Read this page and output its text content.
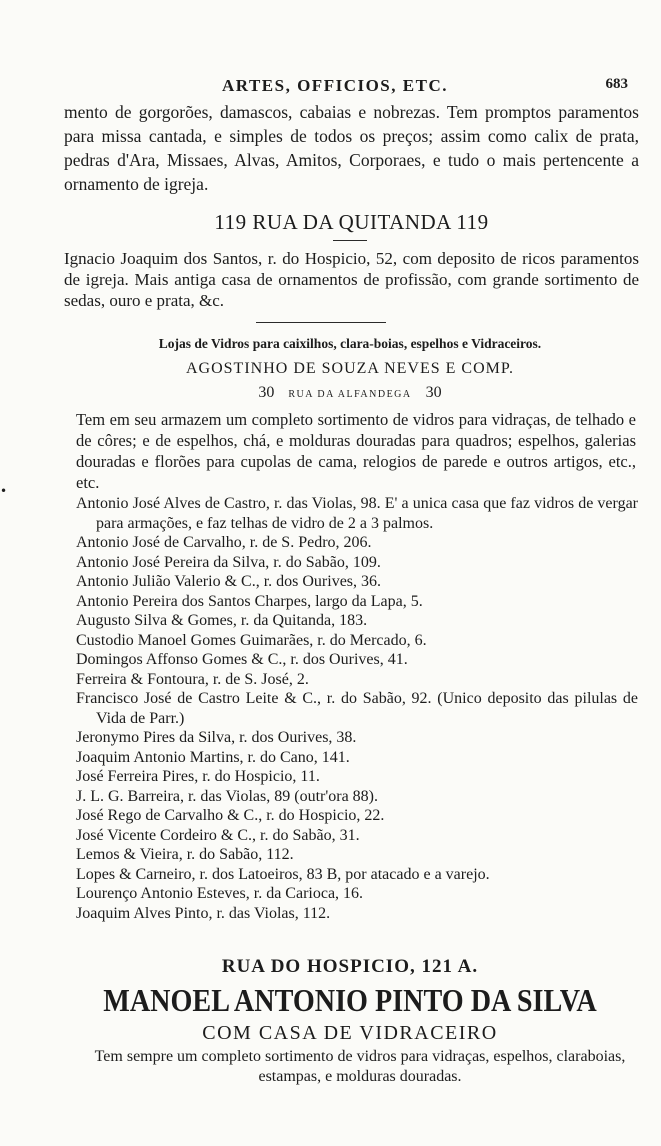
ARTES, OFFICIOS, ETC.	683
mento de gorgorões, damascos, cabaias e nobrezas. Tem promptos paramentos para missa cantada, e simples de todos os preços; assim como calix de prata, pedras d'Ara, Missaes, Alvas, Amitos, Corporaes, e tudo o mais pertencente a ornamento de igreja.
119 RUA DA QUITANDA 119
Ignacio Joaquim dos Santos, r. do Hospicio, 52, com deposito de ricos paramentos de igreja. Mais antiga casa de ornamentos de profissão, com grande sortimento de sedas, ouro e prata, &c.
Lojas de Vidros para caixilhos, clara-boias, espelhos e Vidraceiros.
AGOSTINHO DE SOUZA NEVES E COMP.
30 RUA DA ALFANDEGA 30
Tem em seu armazem um completo sortimento de vidros para vidraças, de telhado e de côres; e de espelhos, chá, e molduras douradas para quadros; espelhos, galerias douradas e florões para cupolas de cama, relogios de parede e outros artigos, etc., etc.
•
Antonio José Alves de Castro, r. das Violas, 98. E' a unica casa que faz vidros de vergar para armações, e faz telhas de vidro de 2 a 3 palmos.
Antonio José de Carvalho, r. de S. Pedro, 206.
Antonio José Pereira da Silva, r. do Sabão, 109.
Antonio Julião Valerio & C., r. dos Ourives, 36.
Antonio Pereira dos Santos Charpes, largo da Lapa, 5.
Augusto Silva & Gomes, r. da Quitanda, 183.
Custodio Manoel Gomes Guimarães, r. do Mercado, 6.
Domingos Affonso Gomes & C., r. dos Ourives, 41.
Ferreira & Fontoura, r. de S. José, 2.
Francisco José de Castro Leite & C., r. do Sabão, 92. (Unico deposito das pilulas de Vida de Parr.)
Jeronymo Pires da Silva, r. dos Ourives, 38.
Joaquim Antonio Martins, r. do Cano, 141.
José Ferreira Pires, r. do Hospicio, 11.
J. L. G. Barreira, r. das Violas, 89 (outr'ora 88).
José Rego de Carvalho & C., r. do Hospicio, 22.
José Vicente Cordeiro & C., r. do Sabão, 31.
Lemos & Vieira, r. do Sabão, 112.
Lopes & Carneiro, r. dos Latoeiros, 83 B, por atacado e a varejo.
Lourenço Antonio Esteves, r. da Carioca, 16.
Joaquim Alves Pinto, r. das Violas, 112.
RUA DO HOSPICIO, 121 A.
MANOEL ANTONIO PINTO DA SILVA
COM CASA DE VIDRACEIRO
Tem sempre um completo sortimento de vidros para vidraças, espelhos, claraboias, estampas, e molduras douradas.
